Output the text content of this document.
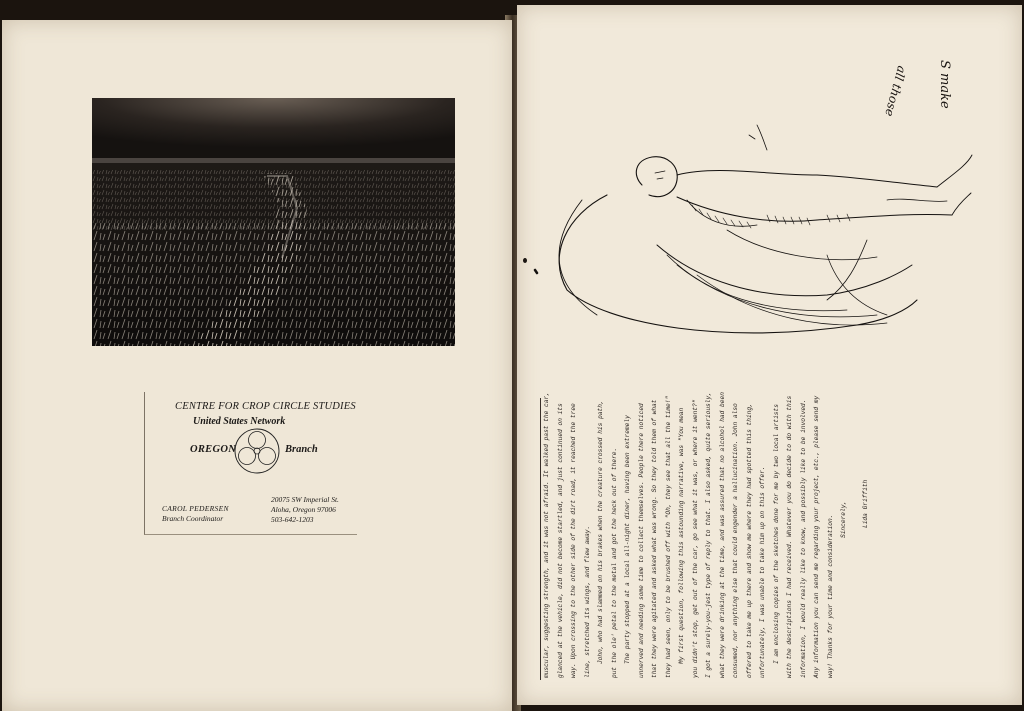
CENTRE FOR CROP CIRCLE STUDIES
United States Network
OREGON	Branch
20075 SW Imperial St.
Aloha, Oregon 97006
503-642-1203
CAROL PEDERSEN
Branch Coordinator
S make
all those
muscular, suggesting strength, and it was not afraid. It walked past the car,	glanced at the vehicle, did not become startled, and just continued on its	way. Upon crossing to the other side of the dirt road, it reached the tree	line, stretched its wings, and flew away.	John, who had slammed on his brakes when the creature crossed his path,	put the ole' petal to the metal and got the heck out of there.	The party stopped at a local all-night diner, having been extremely	unnerved and needing some time to collect themselves. People there noticed	that they were agitated and asked what was wrong. So they told them of what	they had seen, only to be brushed off with "Oh, they see that all the time!"	My first question, following this astounding narrative, was "You mean	you didn't stop, get out of the car, go see what it was, or where it went?"	I got a surely-you-jest type of reply to that. I also asked, quite seriously,	what they were drinking at the time, and was assured that no alcohol had been	consumed, nor anything else that could engender a hallucination. John also	offered to take me up there and show me where they had spotted this thing,	unfortunately, I was unable to take him up on this offer.	I am enclosing copies of the sketches done for me by two local artists	with the descriptions I had received. Whatever you do decide to do with this	information, I would really like to know, and possibly like to be involved.	Any information you can send me regarding your project, etc., please send my	way! Thanks for your time and consideration.	Sincerely,	Lida Griffith
